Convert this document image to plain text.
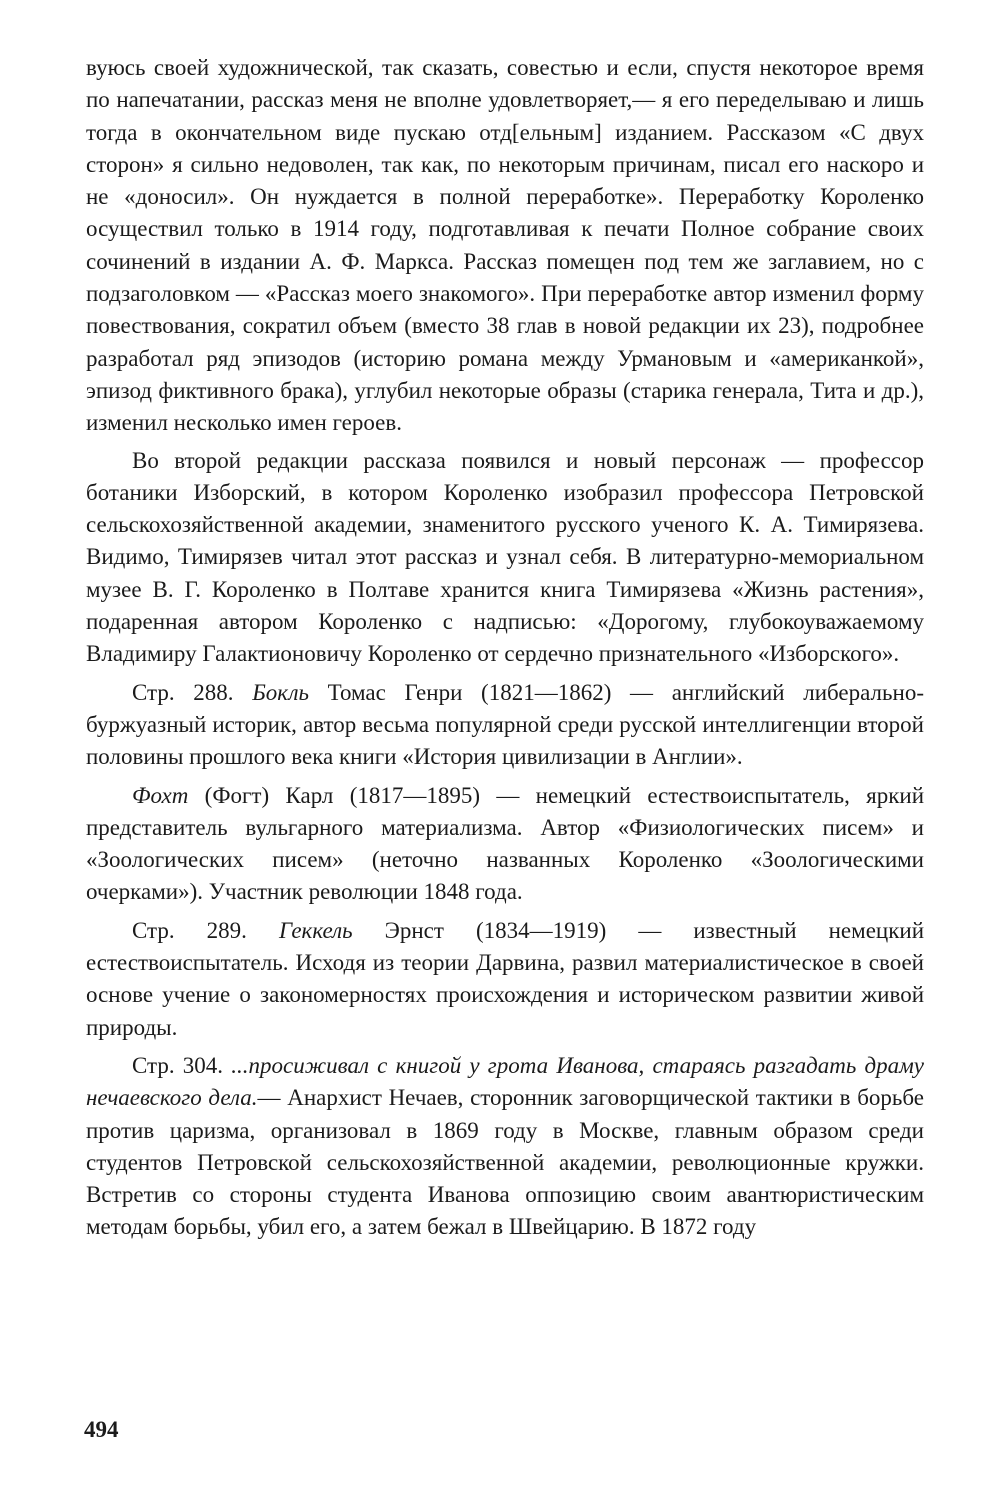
вуюсь своей художнической, так сказать, совестью и если, спустя некоторое время по напечатании, рассказ меня не вполне удовлетворяет,— я его переделываю и лишь тогда в окончательном виде пускаю отд[ельным] изданием. Рассказом «С двух сторон» я сильно недоволен, так как, по некоторым причинам, писал его наскоро и не «доносил». Он нуждается в полной переработке». Переработку Короленко осуществил только в 1914 году, подготавливая к печати Полное собрание своих сочинений в издании А. Ф. Маркса. Рассказ помещен под тем же заглавием, но с подзаголовком — «Рассказ моего знакомого». При переработке автор изменил форму повествования, сократил объем (вместо 38 глав в новой редакции их 23), подробнее разработал ряд эпизодов (историю романа между Урмановым и «американкой», эпизод фиктивного брака), углубил некоторые образы (старика генерала, Тита и др.), изменил несколько имен героев.

Во второй редакции рассказа появился и новый персонаж — профессор ботаники Изборский, в котором Короленко изобразил профессора Петровской сельскохозяйственной академии, знаменитого русского ученого К. А. Тимирязева. Видимо, Тимирязев читал этот рассказ и узнал себя. В литературно-мемориальном музее В. Г. Короленко в Полтаве хранится книга Тимирязева «Жизнь растения», подаренная автором Короленко с надписью: «Дорогому, глубокоуважаемому Владимиру Галактионовичу Короленко от сердечно признательного «Изборского».

Стр. 288. Бокль Томас Генри (1821—1862) — английский либерально-буржуазный историк, автор весьма популярной среди русской интеллигенции второй половины прошлого века книги «История цивилизации в Англии».

Фохт (Фогт) Карл (1817—1895) — немецкий естествоиспытатель, яркий представитель вульгарного материализма. Автор «Физиологических писем» и «Зоологических писем» (неточно названных Короленко «Зоологическими очерками»). Участник революции 1848 года.

Стр. 289. Геккель Эрнст (1834—1919) — известный немецкий естествоиспытатель. Исходя из теории Дарвина, развил материалистическое в своей основе учение о закономерностях происхождения и историческом развитии живой природы.

Стр. 304. ...просиживал с книгой у грота Иванова, стараясь разгадать драму нечаевского дела.— Анархист Нечаев, сторонник заговорщической тактики в борьбе против царизма, организовал в 1869 году в Москве, главным образом среди студентов Петровской сельскохозяйственной академии, революционные кружки. Встретив со стороны студента Иванова оппозицию своим авантюристическим методам борьбы, убил его, а затем бежал в Швейцарию. В 1872 году

494
